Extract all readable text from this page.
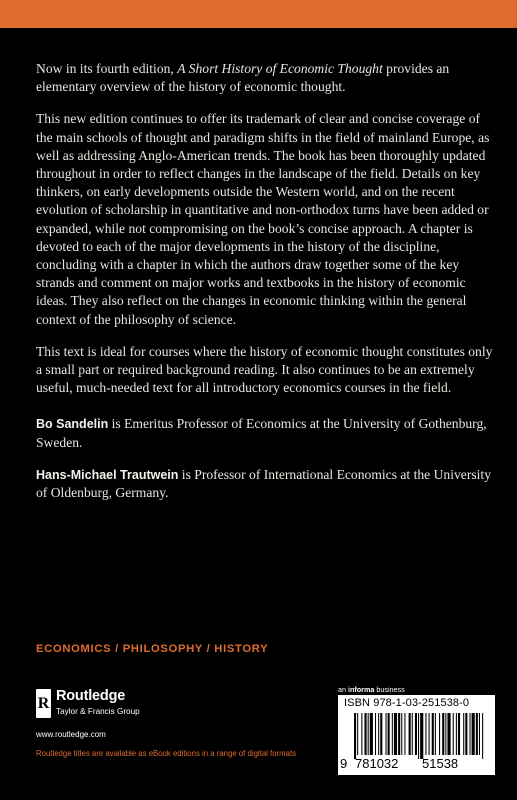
Now in its fourth edition, A Short History of Economic Thought provides an elementary overview of the history of economic thought.

This new edition continues to offer its trademark of clear and concise coverage of the main schools of thought and paradigm shifts in the field of mainland Europe, as well as addressing Anglo-American trends. The book has been thoroughly updated throughout in order to reflect changes in the landscape of the field. Details on key thinkers, on early developments outside the Western world, and on the recent evolution of scholarship in quantitative and non-orthodox turns have been added or expanded, while not compromising on the book’s concise approach. A chapter is devoted to each of the major developments in the history of the discipline, concluding with a chapter in which the authors draw together some of the key strands and comment on major works and textbooks in the history of economic ideas. They also reflect on the changes in economic thinking within the general context of the philosophy of science.

This text is ideal for courses where the history of economic thought constitutes only a small part or required background reading. It also continues to be an extremely useful, much-needed text for all introductory economics courses in the field.

Bo Sandelin is Emeritus Professor of Economics at the University of Gothenburg, Sweden.

Hans-Michael Trautwein is Professor of International Economics at the University of Oldenburg, Germany.

ECONOMICS / PHILOSOPHY / HISTORY
R Routledge
Taylor & Francis Group
www.routledge.com
Routledge titles are available as eBook editions in a range of digital formats
an informa business
ISBN 978-1-03-251538-0
9 781032 51538
